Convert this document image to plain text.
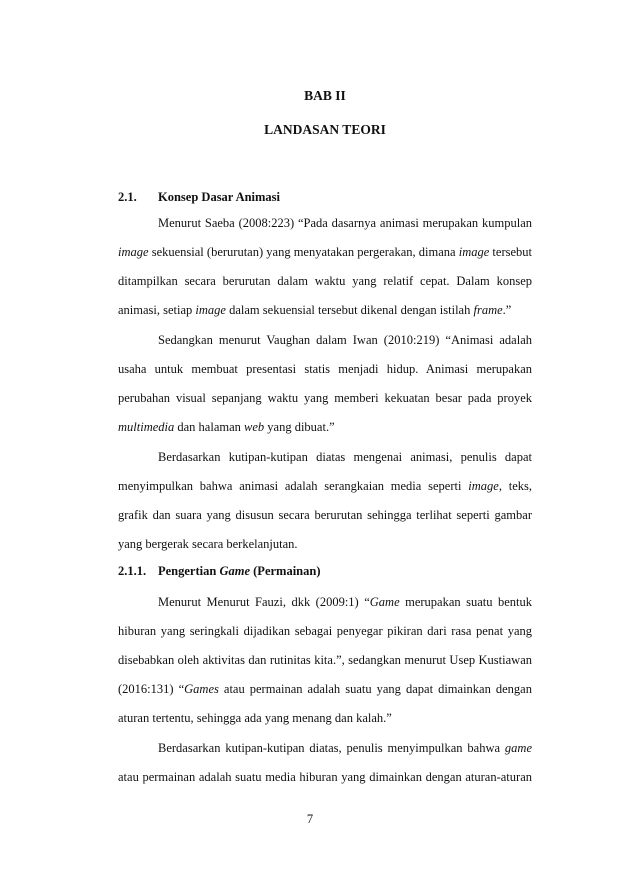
BAB II
LANDASAN TEORI
2.1. Konsep Dasar Animasi
Menurut Saeba (2008:223) “Pada dasarnya animasi merupakan kumpulan
image sekuensial (berurutan) yang menyatakan pergerakan, dimana image tersebut
ditampilkan secara berurutan dalam waktu yang relatif cepat. Dalam konsep
animasi, setiap image dalam sekuensial tersebut dikenal dengan istilah frame.”
Sedangkan menurut Vaughan dalam Iwan (2010:219) “Animasi adalah
usaha untuk membuat presentasi statis menjadi hidup. Animasi merupakan
perubahan visual sepanjang waktu yang memberi kekuatan besar pada proyek
multimedia dan halaman web yang dibuat.”
Berdasarkan kutipan-kutipan diatas mengenai animasi, penulis dapat
menyimpulkan bahwa animasi adalah serangkaian media seperti image, teks,
grafik dan suara yang disusun secara berurutan sehingga terlihat seperti gambar
yang bergerak secara berkelanjutan.
2.1.1. Pengertian Game (Permainan)
Menurut Menurut Fauzi, dkk (2009:1) “Game merupakan suatu bentuk
hiburan yang seringkali dijadikan sebagai penyegar pikiran dari rasa penat yang
disebabkan oleh aktivitas dan rutinitas kita.”, sedangkan menurut Usep Kustiawan
(2016:131) “Games atau permainan adalah suatu yang dapat dimainkan dengan
aturan tertentu, sehingga ada yang menang dan kalah.”
Berdasarkan kutipan-kutipan diatas, penulis menyimpulkan bahwa game
atau permainan adalah suatu media hiburan yang dimainkan dengan aturan-aturan
7
